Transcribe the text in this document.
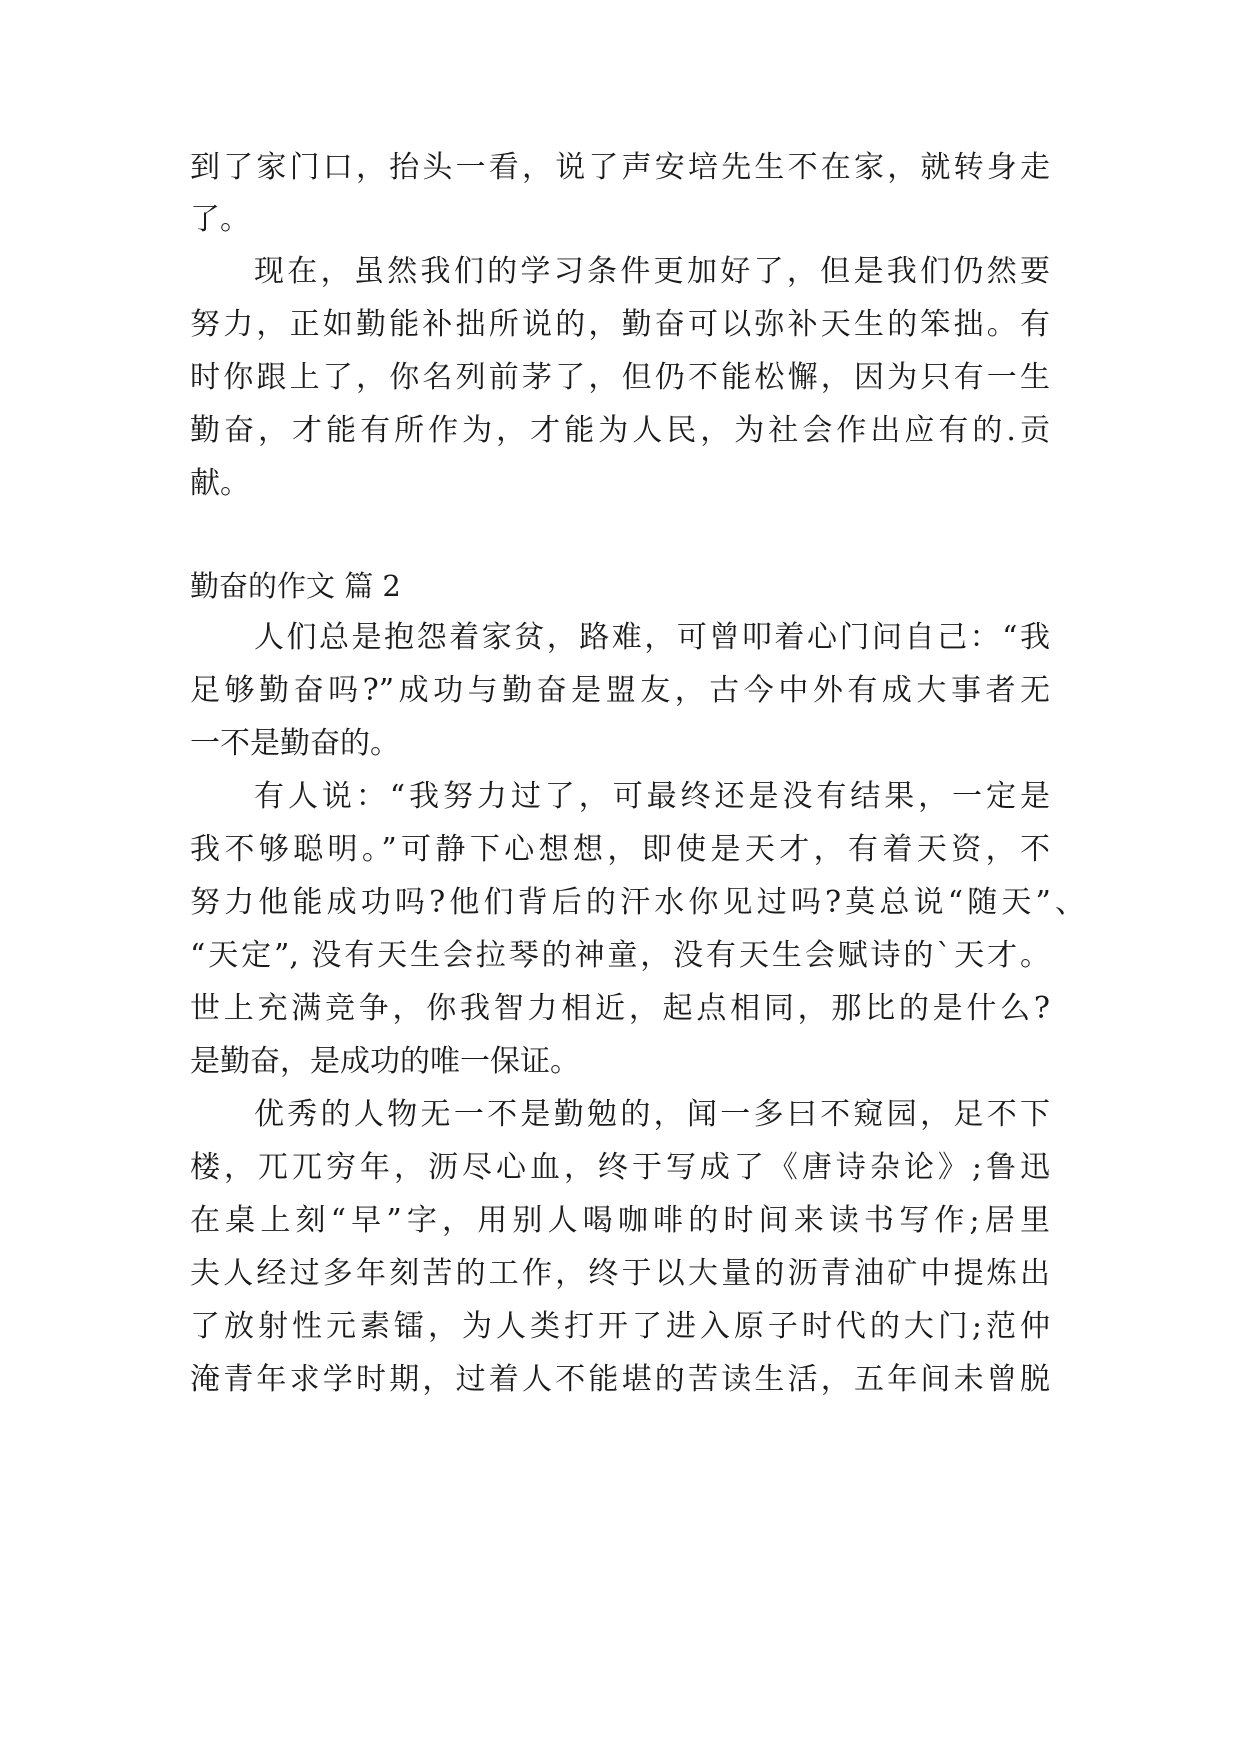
到了家门口，抬头一看，说了声安培先生不在家，就转身走
了。
现在，虽然我们的学习条件更加好了，但是我们仍然要
努力，正如勤能补拙所说的，勤奋可以弥补天生的笨拙。有
时你跟上了，你名列前茅了，但仍不能松懈，因为只有一生
勤奋，才能有所作为，才能为人民，为社会作出应有的.贡
献。
勤奋的作文 篇 2
人们总是抱怨着家贫，路难，可曾叩着心门问自己：“我
足够勤奋吗?”成功与勤奋是盟友，古今中外有成大事者无
一不是勤奋的。
有人说：“我努力过了，可最终还是没有结果，一定是
我不够聪明。”可静下心想想，即使是天才，有着天资，不
努力他能成功吗?他们背后的汗水你见过吗?莫总说“随天”、
“天定”, 没有天生会拉琴的神童，没有天生会赋诗的`天才。
世上充满竞争，你我智力相近，起点相同，那比的是什么?
是勤奋，是成功的唯一保证。
优秀的人物无一不是勤勉的，闻一多曰不窥园，足不下
楼，兀兀穷年，沥尽心血，终于写成了《唐诗杂论》;鲁迅
在桌上刻“早”字，用别人喝咖啡的时间来读书写作;居里
夫人经过多年刻苦的工作，终于以大量的沥青油矿中提炼出
了放射性元素镭，为人类打开了进入原子时代的大门;范仲
淹青年求学时期，过着人不能堪的苦读生活，五年间未曾脱
